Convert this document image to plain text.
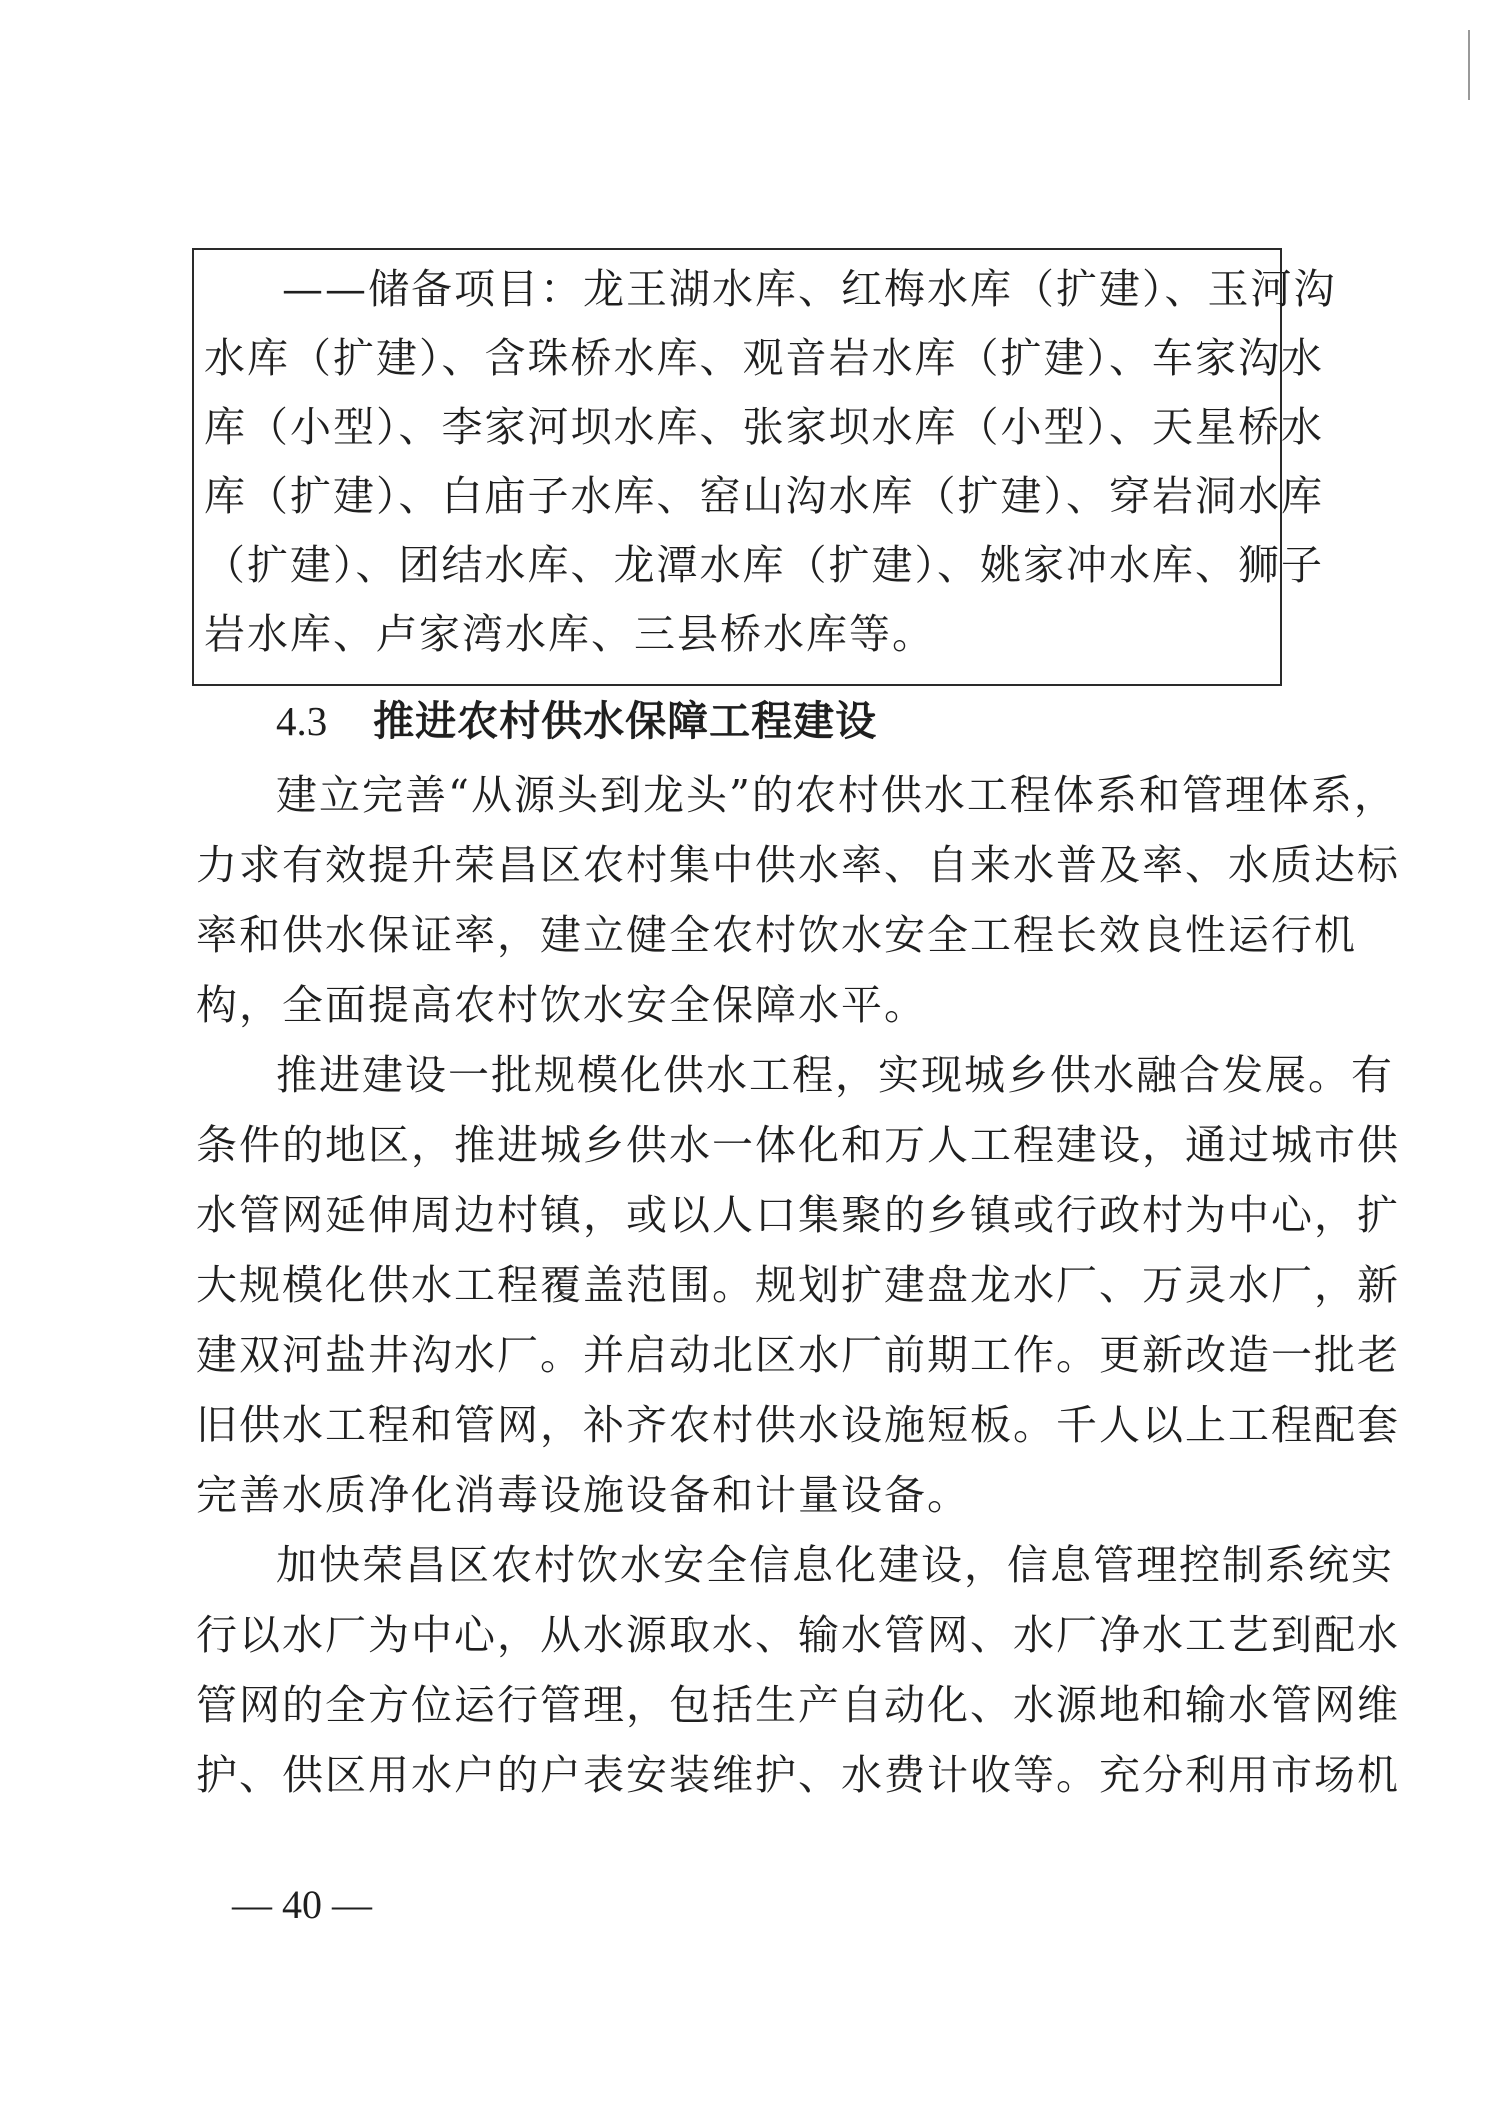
——储备项目：龙王湖水库、红梅水库（扩建）、玉河沟
水库（扩建）、含珠桥水库、观音岩水库（扩建）、车家沟水
库（小型）、李家河坝水库、张家坝水库（小型）、天星桥水
库（扩建）、白庙子水库、窑山沟水库（扩建）、穿岩洞水库
（扩建）、团结水库、龙潭水库（扩建）、姚家冲水库、狮子
岩水库、卢家湾水库、三县桥水库等。
4.3 推进农村供水保障工程建设
建立完善“从源头到龙头”的农村供水工程体系和管理体系，
力求有效提升荣昌区农村集中供水率、自来水普及率、水质达标
率和供水保证率，建立健全农村饮水安全工程长效良性运行机
构，全面提高农村饮水安全保障水平。
推进建设一批规模化供水工程，实现城乡供水融合发展。有
条件的地区，推进城乡供水一体化和万人工程建设，通过城市供
水管网延伸周边村镇，或以人口集聚的乡镇或行政村为中心，扩
大规模化供水工程覆盖范围。规划扩建盘龙水厂、万灵水厂，新
建双河盐井沟水厂。并启动北区水厂前期工作。更新改造一批老
旧供水工程和管网，补齐农村供水设施短板。千人以上工程配套
完善水质净化消毒设施设备和计量设备。
加快荣昌区农村饮水安全信息化建设，信息管理控制系统实
行以水厂为中心，从水源取水、输水管网、水厂净水工艺到配水
管网的全方位运行管理，包括生产自动化、水源地和输水管网维
护、供区用水户的户表安装维护、水费计收等。充分利用市场机
— 40 —
